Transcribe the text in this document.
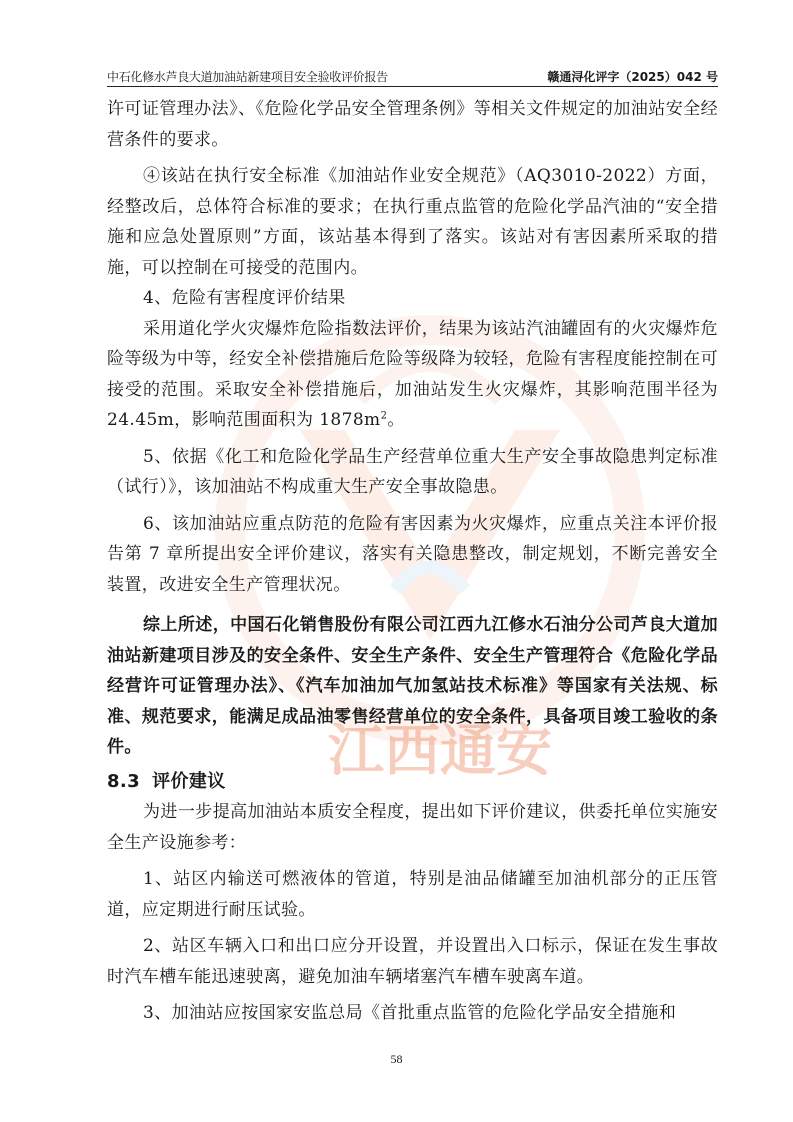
中石化修水芦良大道加油站新建项目安全验收评价报告	赣通浔化评字（2025）042 号
江西通安

许可证管理办法》、《危险化学品安全管理条例》等相关文件规定的加油站安全经营条件的要求。

④该站在执行安全标准《加油站作业安全规范》（AQ3010-2022）方面，经整改后，总体符合标准的要求；在执行重点监管的危险化学品汽油的“安全措施和应急处置原则”方面，该站基本得到了落实。该站对有害因素所采取的措施，可以控制在可接受的范围内。

4、危险有害程度评价结果

采用道化学火灾爆炸危险指数法评价，结果为该站汽油罐固有的火灾爆炸危险等级为中等，经安全补偿措施后危险等级降为较轻，危险有害程度能控制在可接受的范围。采取安全补偿措施后，加油站发生火灾爆炸，其影响范围半径为 24.45m，影响范围面积为 $1878m^2$。

5、依据《化工和危险化学品生产经营单位重大生产安全事故隐患判定标准（试行）》，该加油站不构成重大生产安全事故隐患。

6、该加油站应重点防范的危险有害因素为火灾爆炸，应重点关注本评价报告第 7 章所提出安全评价建议，落实有关隐患整改，制定规划，不断完善安全装置，改进安全生产管理状况。

综上所述，中国石化销售股份有限公司江西九江修水石油分公司芦良大道加油站新建项目涉及的安全条件、安全生产条件、安全生产管理符合《危险化学品经营许可证管理办法》、《汽车加油加气加氢站技术标准》等国家有关法规、标准、规范要求，能满足成品油零售经营单位的安全条件，具备项目竣工验收的条件。

8.3 评价建议

为进一步提高加油站本质安全程度，提出如下评价建议，供委托单位实施安全生产设施参考：

1、站区内输送可燃液体的管道，特别是油品储罐至加油机部分的正压管道，应定期进行耐压试验。

2、站区车辆入口和出口应分开设置，并设置出入口标示，保证在发生事故时汽车槽车能迅速驶离，避免加油车辆堵塞汽车槽车驶离车道。

3、加油站应按国家安监总局《首批重点监管的危险化学品安全措施和

58
